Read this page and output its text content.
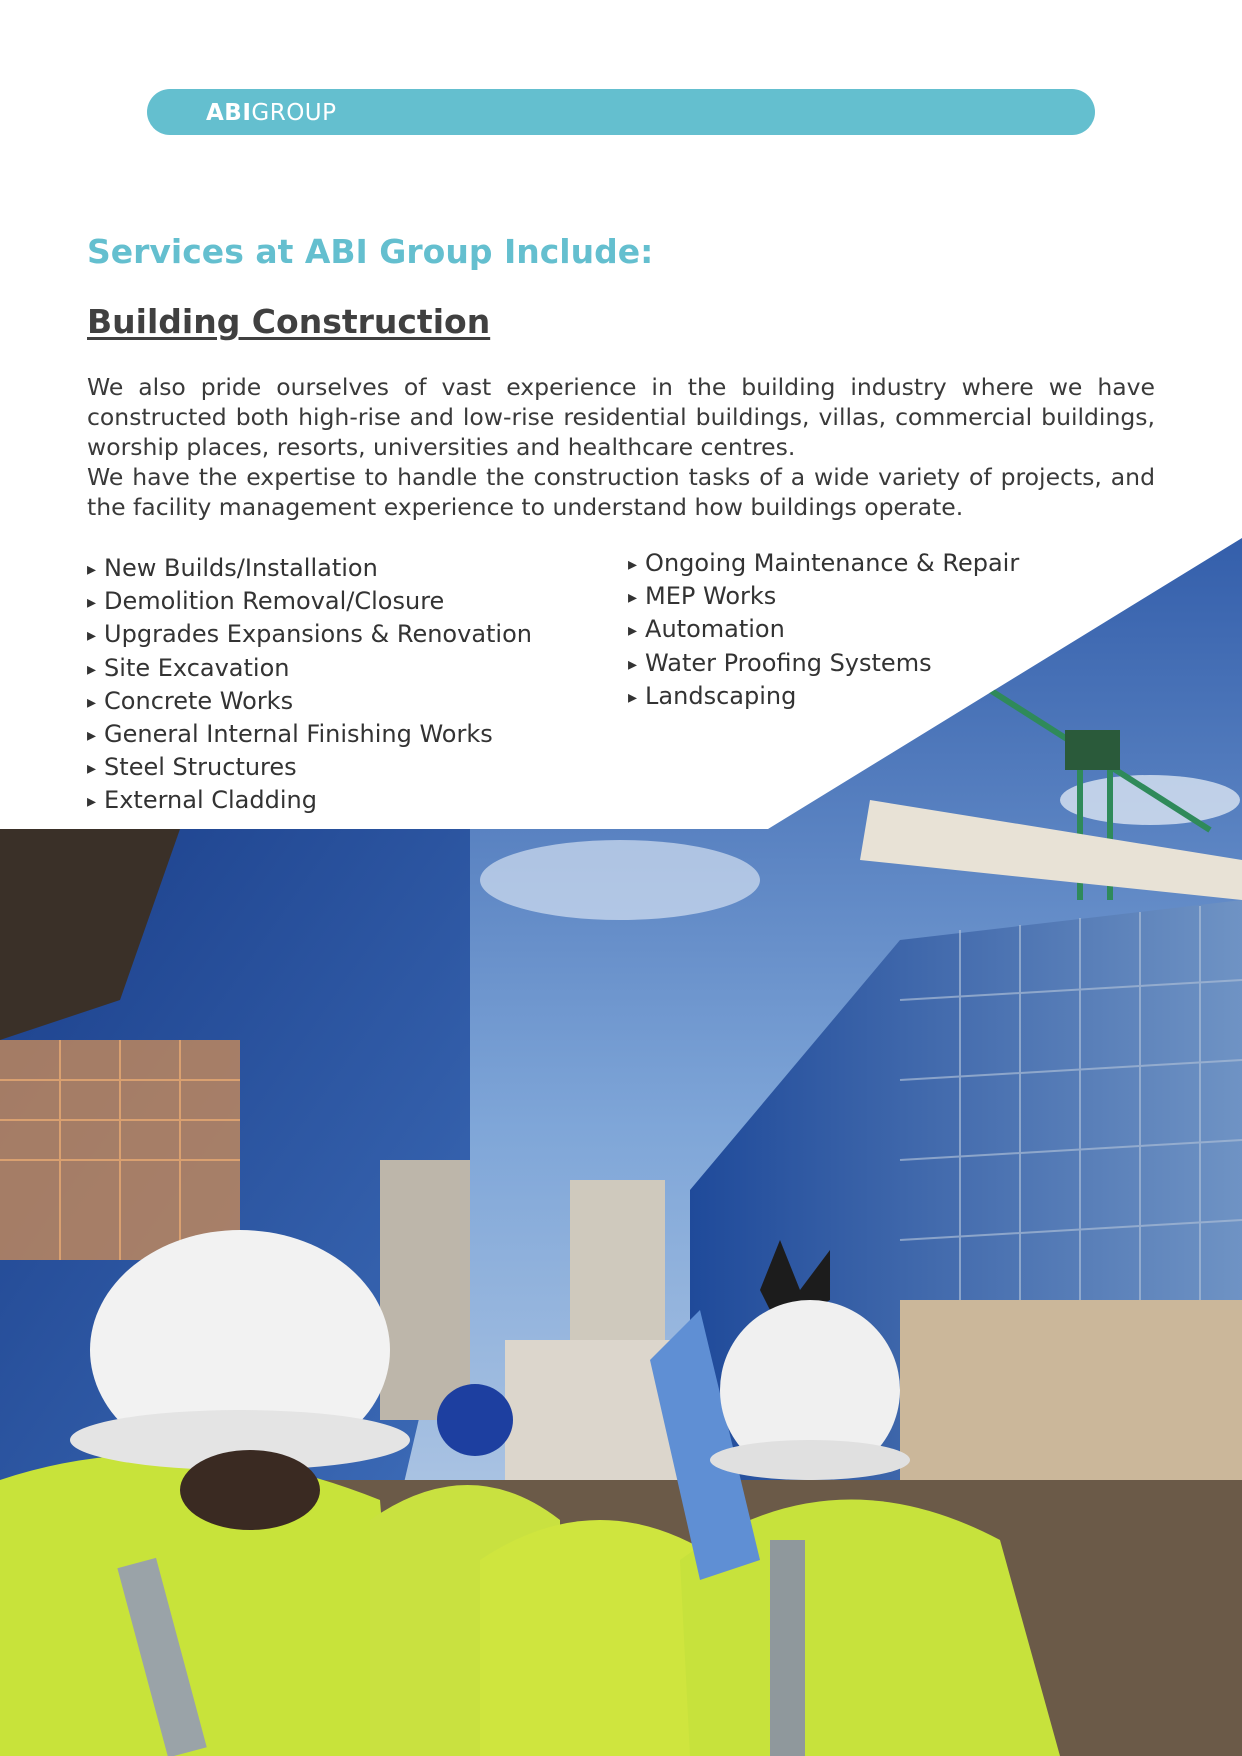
ABIGROUP
Services at ABI Group Include:
Building Construction

We also pride ourselves of vast experience in the building industry where we have constructed both high-rise and low-rise residential buildings, villas, commercial buildings, worship places, resorts, universities and healthcare centres.

We have the expertise to handle the construction tasks of a wide variety of projects, and the facility management experience to understand how buildings operate.

▸ New Builds/Installation
▸ Demolition Removal/Closure
▸ Upgrades Expansions & Renovation
▸ Site Excavation
▸ Concrete Works
▸ General Internal Finishing Works
▸ Steel Structures
▸ External Cladding
▸ Ongoing Maintenance & Repair
▸ MEP Works
▸ Automation
▸ Water Proofing Systems
▸ Landscaping
